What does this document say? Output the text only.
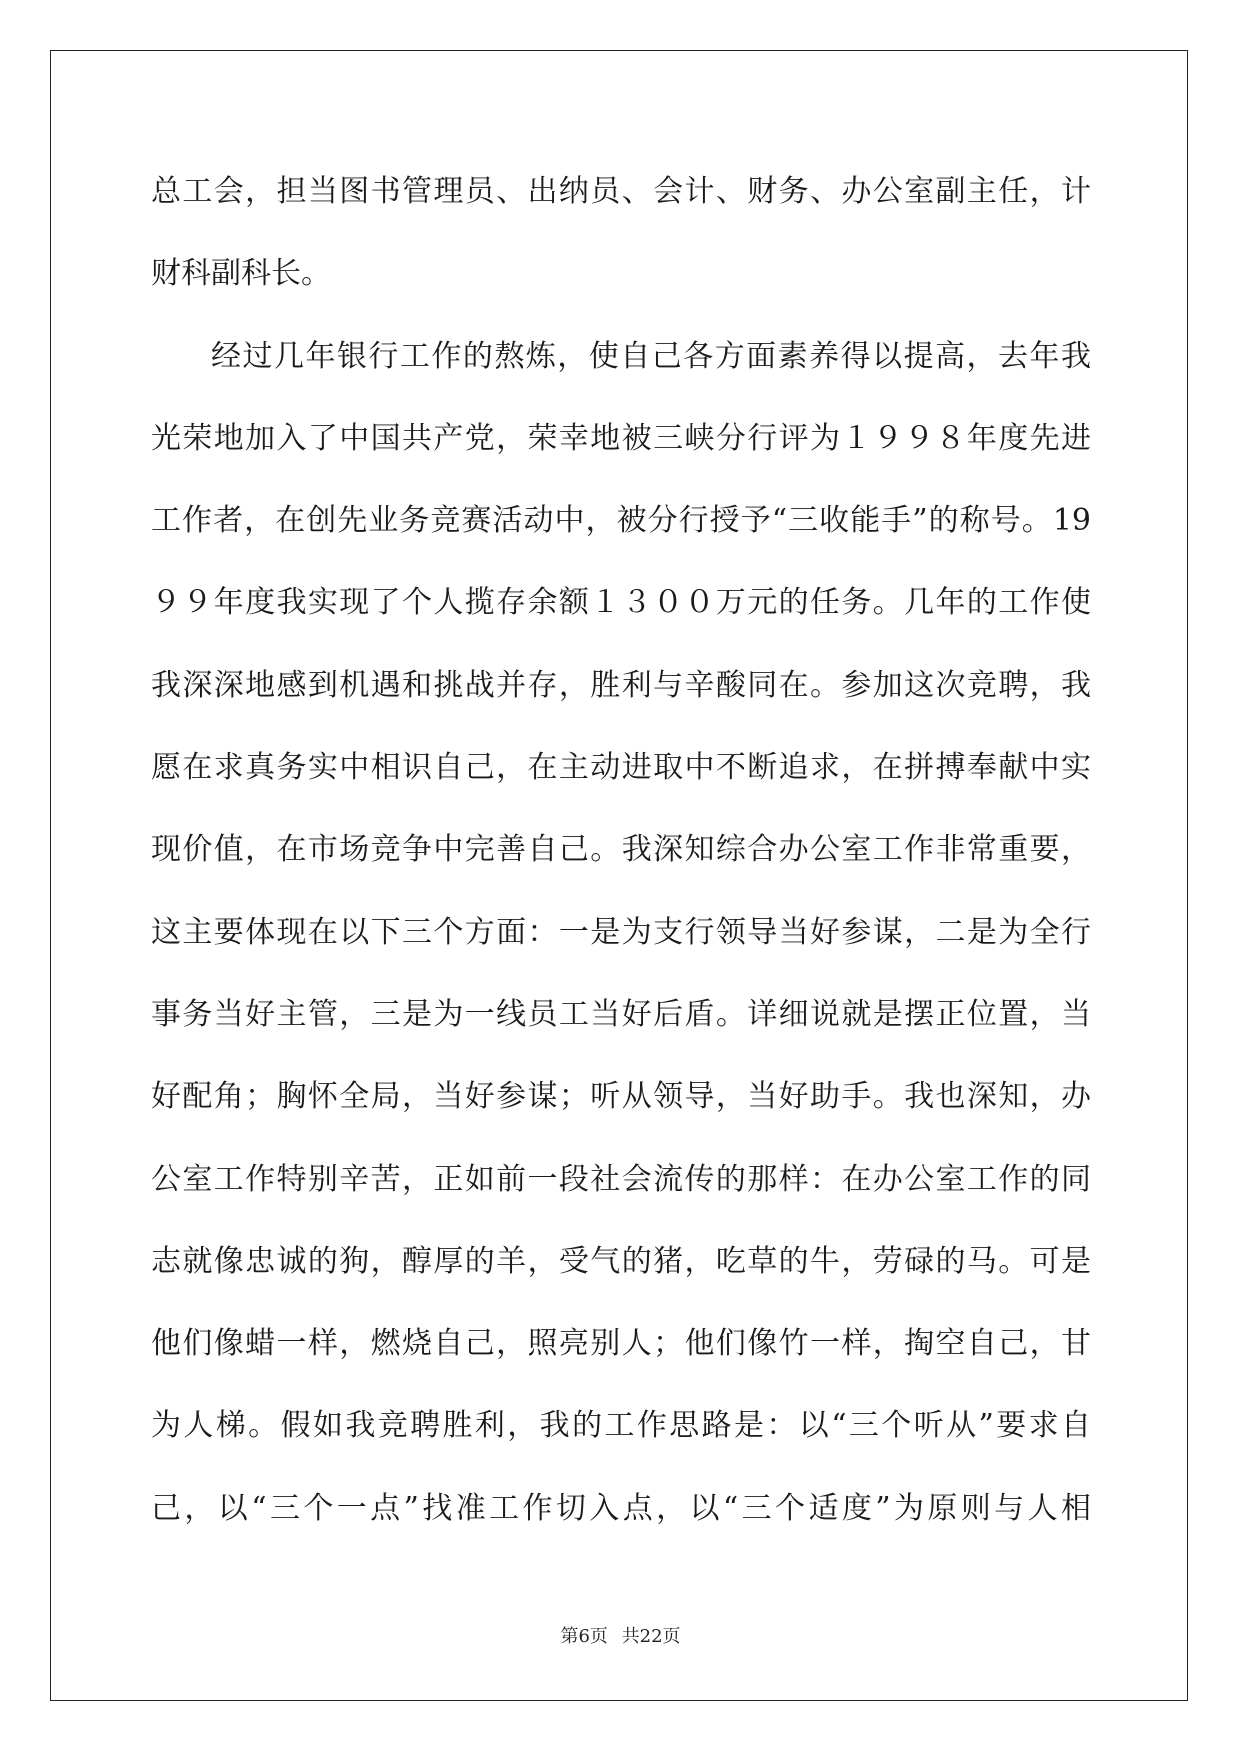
总工会，担当图书管理员、出纳员、会计、财务、办公室副主任，计
财科副科长。
经过几年银行工作的熬炼，使自己各方面素养得以提高，去年我
光荣地加入了中国共产党，荣幸地被三峡分行评为１９９８年度先进
工作者，在创先业务竞赛活动中，被分行授予“三收能手”的称号。19
９９年度我实现了个人揽存余额１３００万元的任务。几年的工作使
我深深地感到机遇和挑战并存，胜利与辛酸同在。参加这次竞聘，我
愿在求真务实中相识自己，在主动进取中不断追求，在拼搏奉献中实
现价值，在市场竞争中完善自己。我深知综合办公室工作非常重要，
这主要体现在以下三个方面：一是为支行领导当好参谋，二是为全行
事务当好主管，三是为一线员工当好后盾。详细说就是摆正位置，当
好配角；胸怀全局，当好参谋；听从领导，当好助手。我也深知，办
公室工作特别辛苦，正如前一段社会流传的那样：在办公室工作的同
志就像忠诚的狗，醇厚的羊，受气的猪，吃草的牛，劳碌的马。可是
他们像蜡一样，燃烧自己，照亮别人；他们像竹一样，掏空自己，甘
为人梯。假如我竞聘胜利，我的工作思路是：以“三个听从”要求自
己，以“三个一点”找准工作切入点，以“三个适度”为原则与人相
第6页 共22页
